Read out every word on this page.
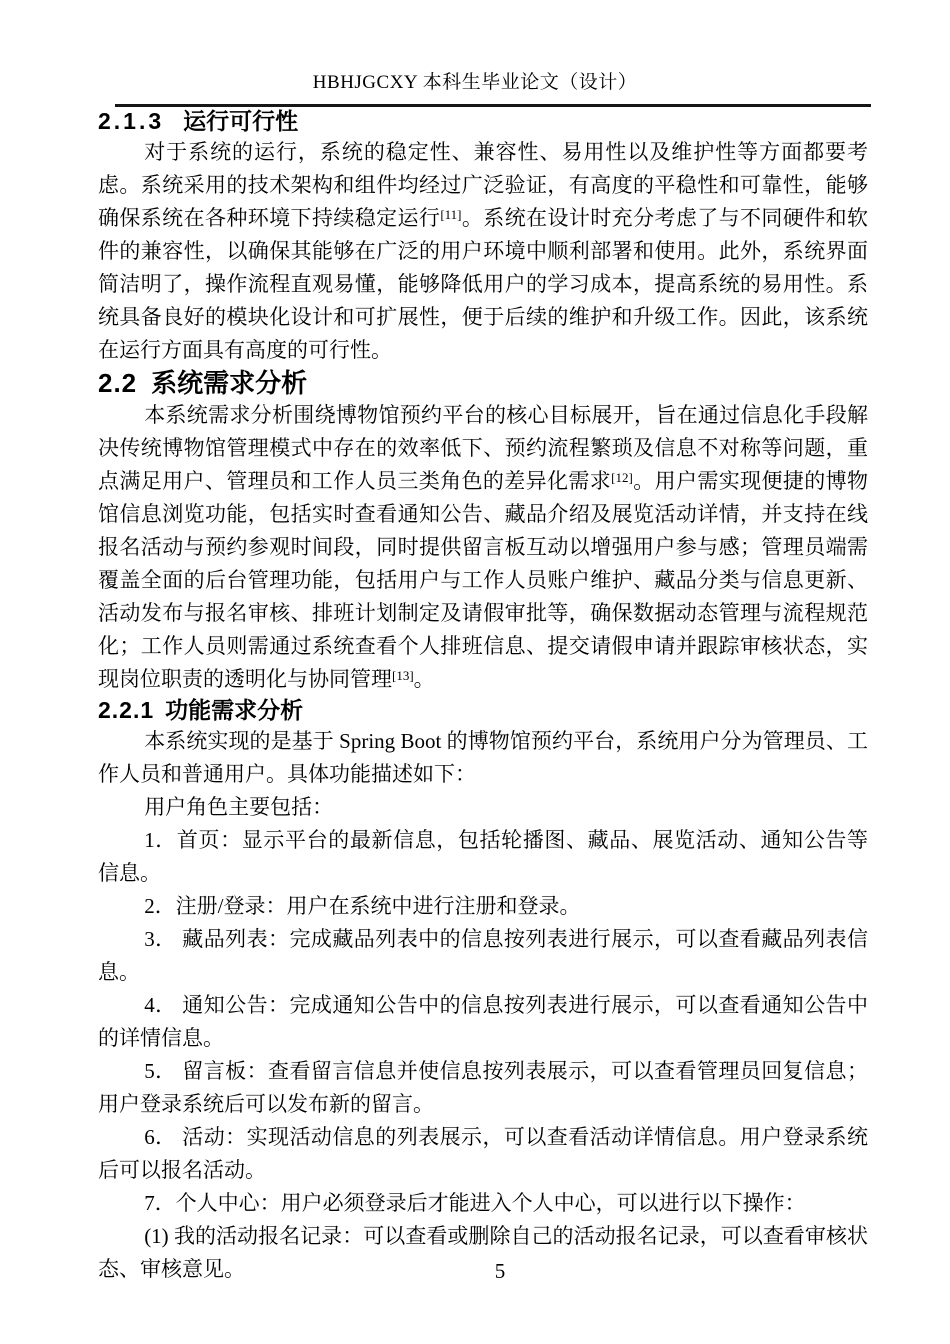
HBHJGCXY 本科生毕业论文（设计）
2.1.3 运行可行性

对于系统的运行，系统的稳定性、兼容性、易用性以及维护性等方面都要考虑。系统采用的技术架构和组件均经过广泛验证，有高度的平稳性和可靠性，能够确保系统在各种环境下持续稳定运行[11]。系统在设计时充分考虑了与不同硬件和软件的兼容性，以确保其能够在广泛的用户环境中顺利部署和使用。此外，系统界面简洁明了，操作流程直观易懂，能够降低用户的学习成本，提高系统的易用性。系统具备良好的模块化设计和可扩展性，便于后续的维护和升级工作。因此，该系统在运行方面具有高度的可行性。

2.2 系统需求分析

本系统需求分析围绕博物馆预约平台的核心目标展开，旨在通过信息化手段解决传统博物馆管理模式中存在的效率低下、预约流程繁琐及信息不对称等问题，重点满足用户、管理员和工作人员三类角色的差异化需求[12]。用户需实现便捷的博物馆信息浏览功能，包括实时查看通知公告、藏品介绍及展览活动详情，并支持在线报名活动与预约参观时间段，同时提供留言板互动以增强用户参与感；管理员端需覆盖全面的后台管理功能，包括用户与工作人员账户维护、藏品分类与信息更新、活动发布与报名审核、排班计划制定及请假审批等，确保数据动态管理与流程规范化；工作人员则需通过系统查看个人排班信息、提交请假申请并跟踪审核状态，实现岗位职责的透明化与协同管理[13]。

2.2.1 功能需求分析

本系统实现的是基于 Spring Boot 的博物馆预约平台，系统用户分为管理员、工作人员和普通用户。具体功能描述如下：

用户角色主要包括：

1．首页：显示平台的最新信息，包括轮播图、藏品、展览活动、通知公告等信息。

2．注册/登录：用户在系统中进行注册和登录。

3． 藏品列表：完成藏品列表中的信息按列表进行展示，可以查看藏品列表信息。

4． 通知公告：完成通知公告中的信息按列表进行展示，可以查看通知公告中的详情信息。

5． 留言板：查看留言信息并使信息按列表展示，可以查看管理员回复信息；用户登录系统后可以发布新的留言。

6． 活动：实现活动信息的列表展示，可以查看活动详情信息。用户登录系统后可以报名活动。

7．个人中心：用户必须登录后才能进入个人中心，可以进行以下操作：

(1) 我的活动报名记录：可以查看或删除自己的活动报名记录，可以查看审核状态、审核意见。	5
